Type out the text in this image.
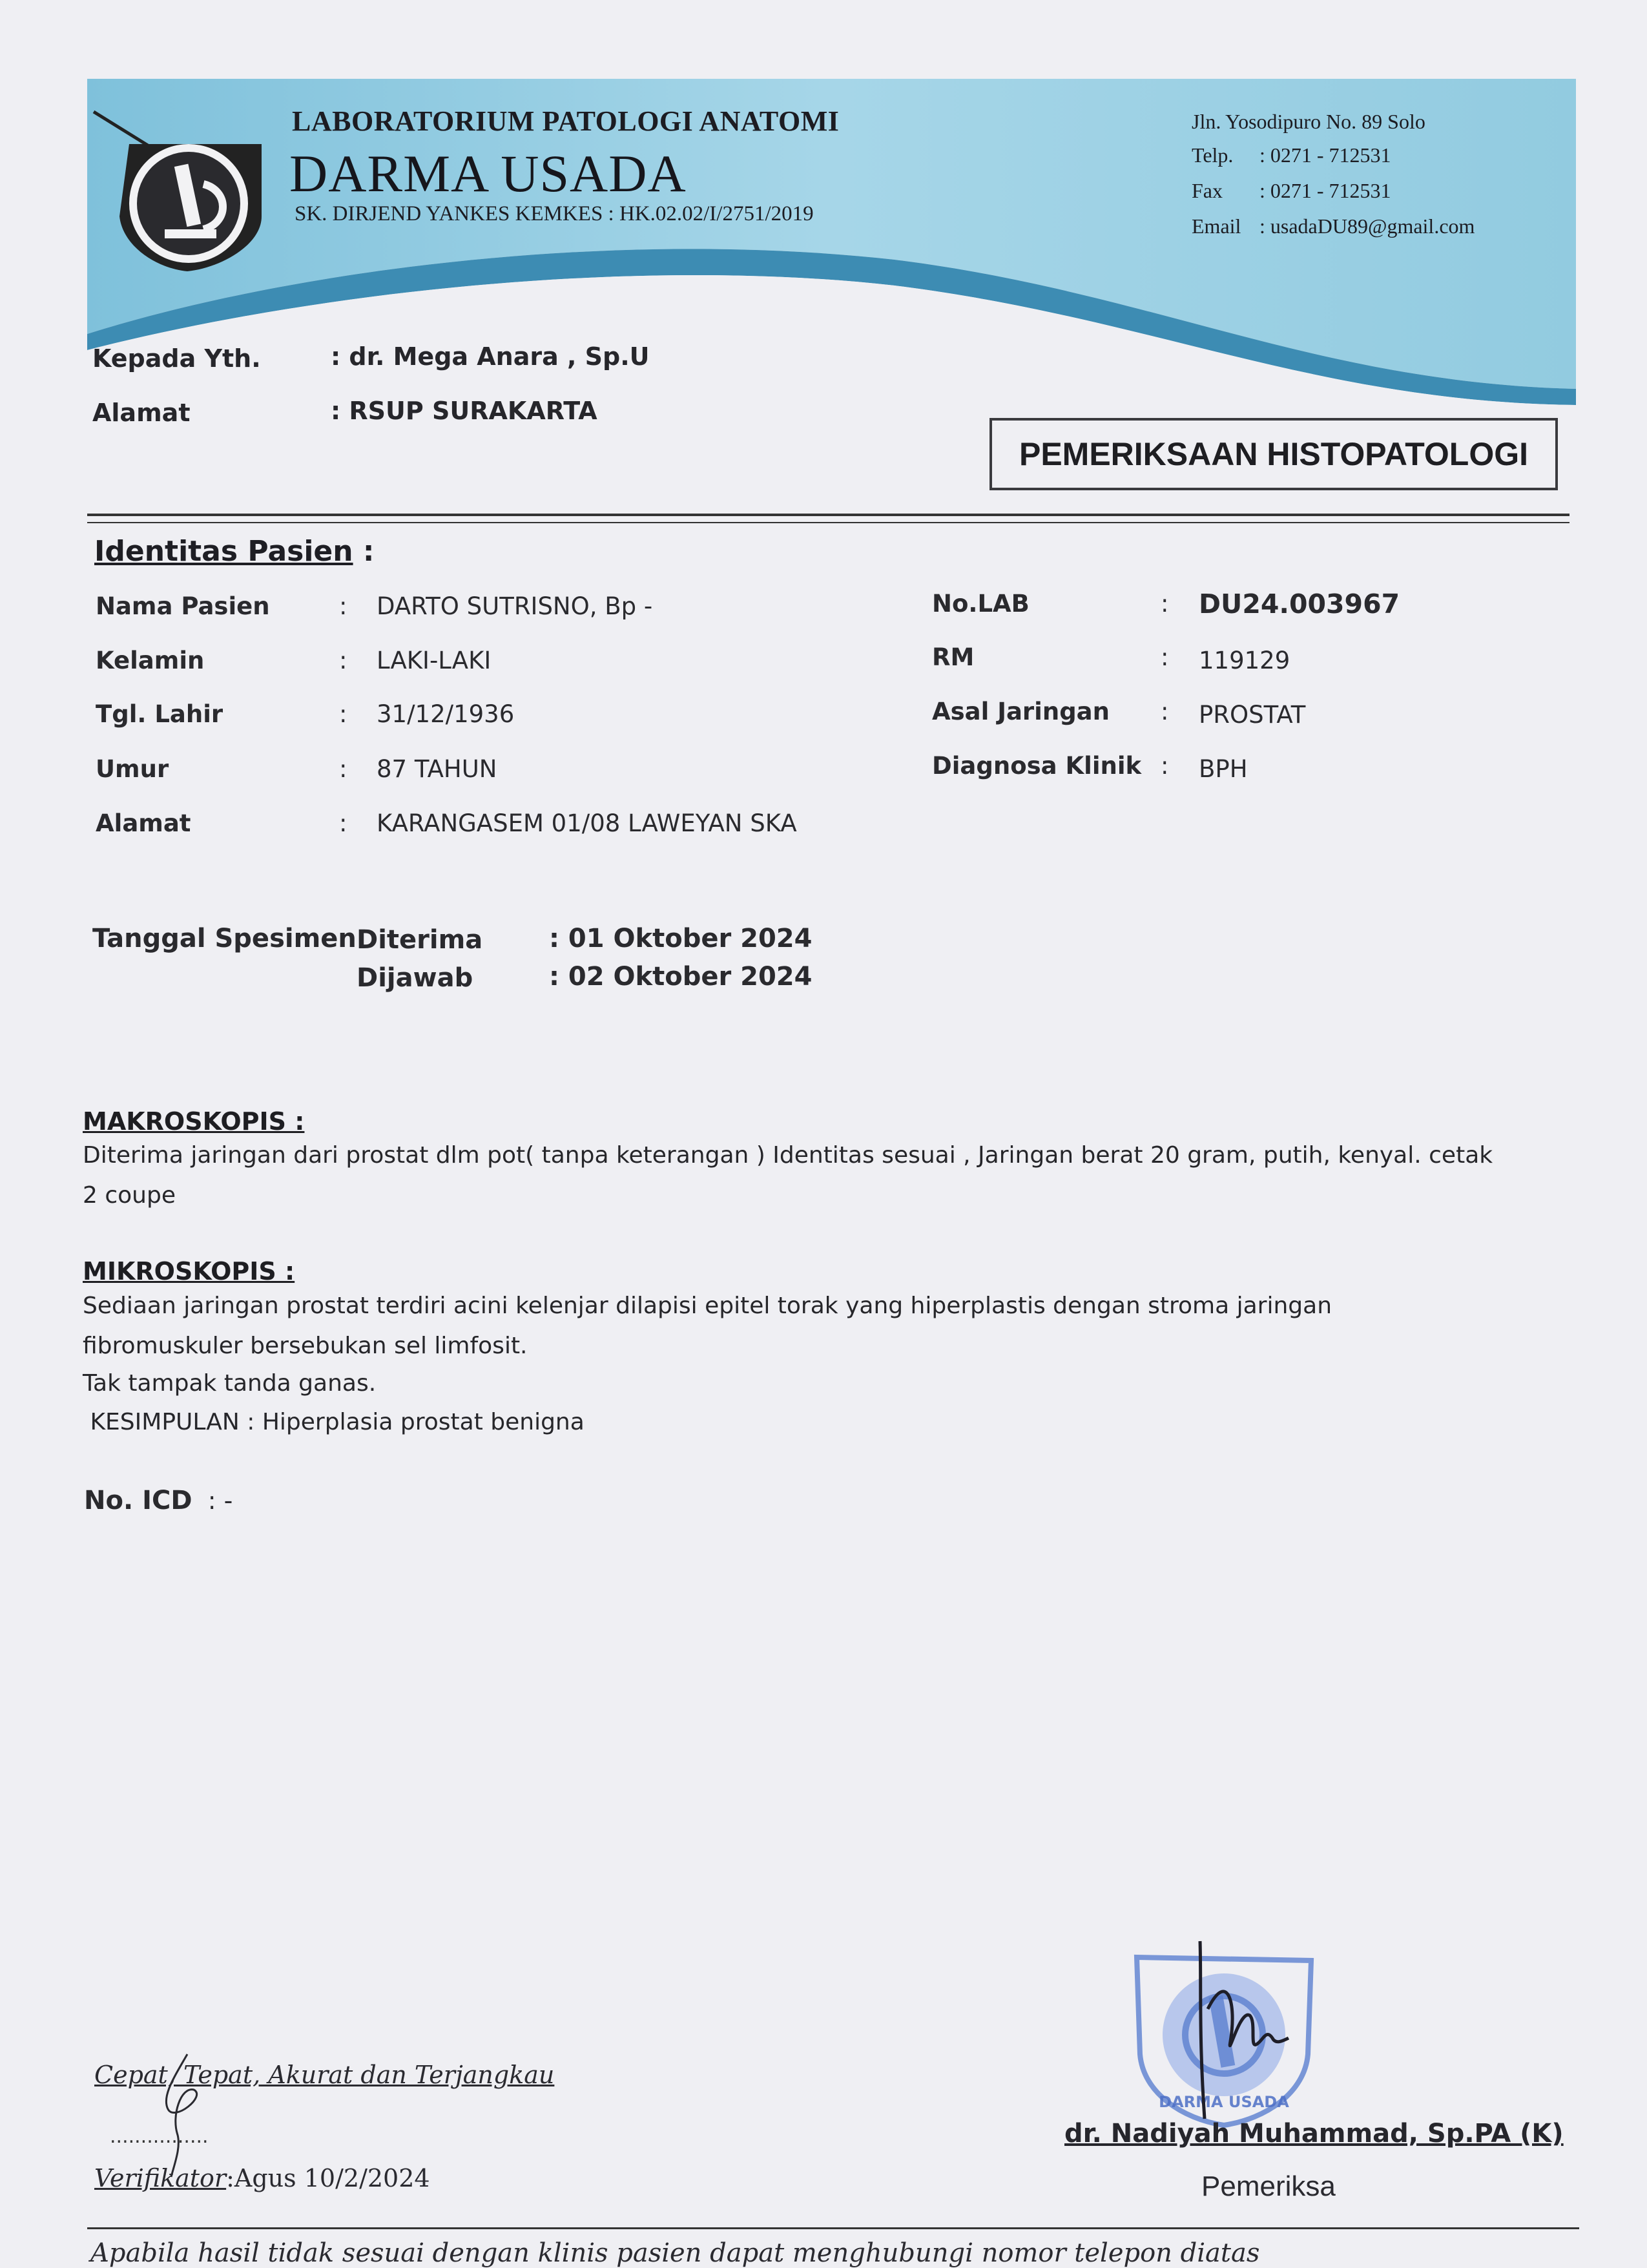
LABORATORIUM PATOLOGI ANATOMI
DARMA USADA
SK. DIRJEND YANKES KEMKES : HK.02.02/I/2751/2019
Jln. Yosodipuro No. 89 Solo
Telp. : 0271 - 712531
Fax : 0271 - 712531
Email : usadaDU89@gmail.com
Kepada Yth.	: dr. Mega Anara , Sp.U
Alamat	: RSUP SURAKARTA
PEMERIKSAAN HISTOPATOLOGI
Identitas Pasien :
Nama Pasien	: DARTO SUTRISNO, Bp -
Kelamin	: LAKI-LAKI
Tgl. Lahir	: 31/12/1936
Umur	: 87 TAHUN
Alamat	: KARANGASEM 01/08 LAWEYAN SKA
No.LAB	: DU24.003967
RM	: 119129
Asal Jaringan : PROSTAT
Diagnosa Klinik : BPH
Tanggal Spesimen Diterima	: 01 Oktober 2024
Dijawab	: 02 Oktober 2024
MAKROSKOPIS :
Diterima jaringan dari prostat dlm pot( tanpa keterangan ) Identitas sesuai , Jaringan berat 20 gram, putih, kenyal. cetak
2 coupe
MIKROSKOPIS :
Sediaan jaringan prostat terdiri acini kelenjar dilapisi epitel torak yang hiperplastis dengan stroma jaringan
fibromuskuler bersebukan sel limfosit.
Tak tampak tanda ganas.
KESIMPULAN : Hiperplasia prostat benigna
No. ICD  : -
Cepat, Tepat, Akurat dan Terjangkau
................
Verifikator:Agus 10/2/2024
DARMA USADA
dr. Nadiyah Muhammad, Sp.PA (K)
Pemeriksa
Apabila hasil tidak sesuai dengan klinis pasien dapat menghubungi nomor telepon diatas
